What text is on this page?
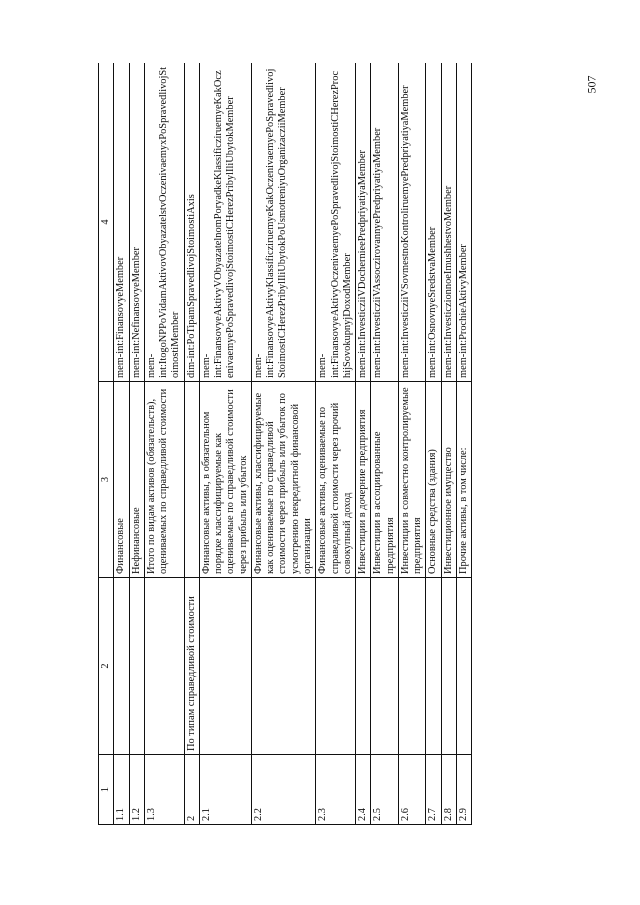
507
1	2	3	4
1.1		Финансовые	mem-int:FinansovyeMember
1.2		Нефинансовые	mem-int:NefinansovyeMember
1.3		Итого по видам активов (обязательств), оцениваемых по справедливой стоимости	mem-int:ItogoNPPoVidamAktivovObyazatelstvOczenivaemyxPoSpravedlivojStoimostiMember
2	По типам справедливой стоимости		dim-int:PoTipamSpravedlivojStoimostiAxis
2.1		Финансовые активы, в обязательном порядке классифицируемые как оцениваемые по справедливой стоимости через прибыль или убыток	mem-int:FinansovyeAktivyVObyazatelnomPoryadkeKlassificziruemyeKakOczenivaemyePoSpravedlivojStoimostiCHerezPribylIliUbytokMember
2.2		Финансовые активы, классифицируемые как оцениваемые по справедливой стоимости через прибыль или убыток по усмотрению некредитной финансовой организации	mem-int:FinansovyeAktivyKlassificziruemyeKakOczenivaemyePoSpravedlivojStoimostiCHerezPribylIliUbytokPoUsmotreniyuOrganizacziiMember
2.3		Финансовые активы, оцениваемые по справедливой стоимости через прочий совокупный доход	mem-int:FinansovyeAktivyOczenivaemyePoSpravedlivojStoimostiCHerezProchijSovokupnyjDoxodMember
2.4		Инвестиции в дочерние предприятия	mem-int:InvesticziiVDochernieePredpriyatiyaMember
2.5		Инвестиции в ассоциированные предприятия	mem-int:InvesticziiVAssoczirovannyePredpriyatiyaMember
2.6		Инвестиции в совместно контролируемые предприятия	mem-int:InvesticziiVSovmestnoKontroliruemyePredpriyatiyaMember
2.7		Основные средства (здания)	mem-int:OsnovnyeSredstvaMember
2.8		Инвестиционное имущество	mem-int:InvesticzionnoeImushhestvoMember
2.9		Прочие активы, в том числе:	mem-int:ProchieAktivyMember
